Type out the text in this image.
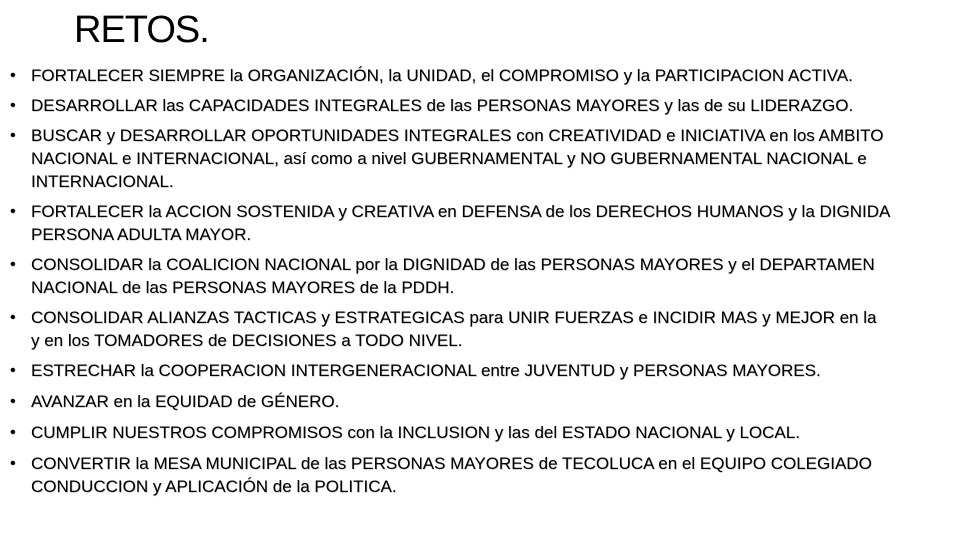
RETOS.
• FORTALECER SIEMPRE la ORGANIZACIÓN, la UNIDAD, el COMPROMISO y la PARTICIPACION ACTIVA.
• DESARROLLAR las CAPACIDADES INTEGRALES de las PERSONAS MAYORES y las de su LIDERAZGO.
• BUSCAR y DESARROLLAR OPORTUNIDADES INTEGRALES con CREATIVIDAD e INICIATIVA en los AMBITO
NACIONAL e INTERNACIONAL, así como a nivel GUBERNAMENTAL y NO GUBERNAMENTAL NACIONAL e
INTERNACIONAL.
• FORTALECER la ACCION SOSTENIDA y CREATIVA en DEFENSA de los DERECHOS HUMANOS y la DIGNIDA
PERSONA ADULTA MAYOR.
• CONSOLIDAR la COALICION NACIONAL por la DIGNIDAD de las PERSONAS MAYORES y el DEPARTAMEN
NACIONAL de las PERSONAS MAYORES de la PDDH.
• CONSOLIDAR ALIANZAS TACTICAS y ESTRATEGICAS para UNIR FUERZAS e INCIDIR MAS y MEJOR en la
y en los TOMADORES de DECISIONES a TODO NIVEL.
• ESTRECHAR la COOPERACION INTERGENERACIONAL entre JUVENTUD y PERSONAS MAYORES.
• AVANZAR en la EQUIDAD de GÉNERO.
• CUMPLIR NUESTROS COMPROMISOS con la INCLUSION y las del ESTADO NACIONAL y LOCAL.
• CONVERTIR la MESA MUNICIPAL de las PERSONAS MAYORES de TECOLUCA en el EQUIPO COLEGIADO
CONDUCCION y APLICACIÓN de la POLITICA.
